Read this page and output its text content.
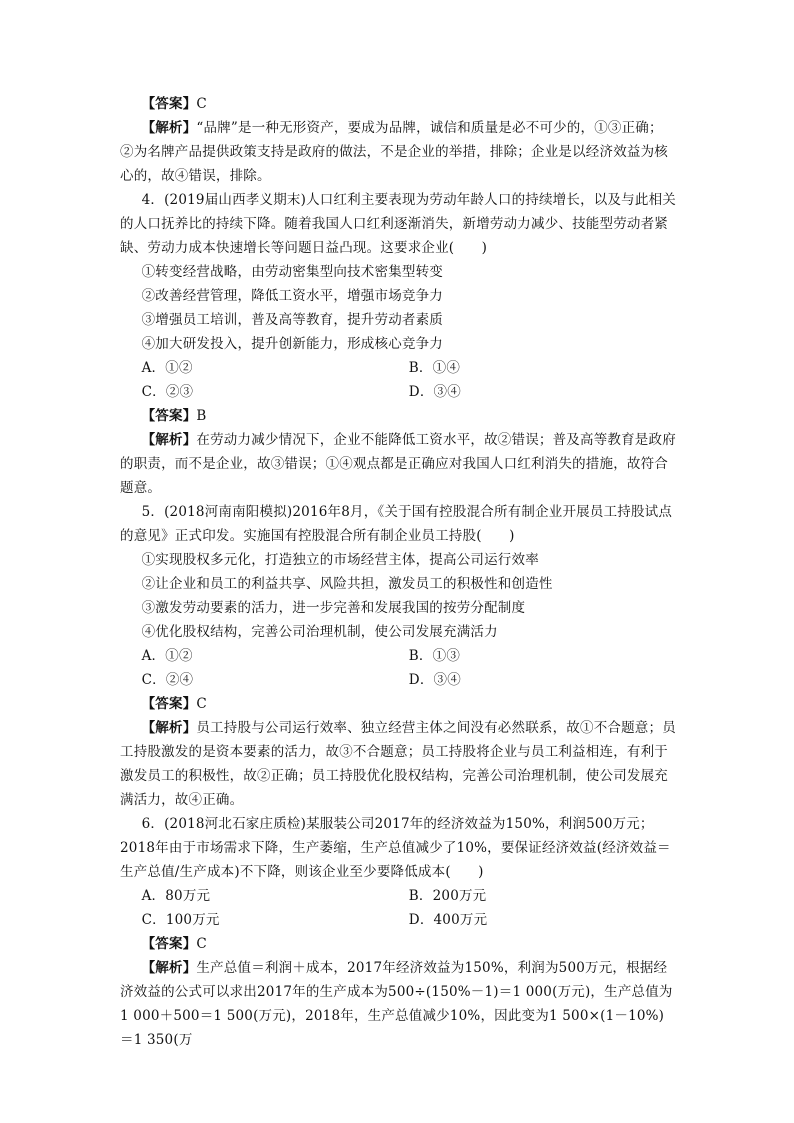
【答案】C

【解析】“品牌”是一种无形资产，要成为品牌，诚信和质量是必不可少的，①③正确；②为名牌产品提供政策支持是政府的做法，不是企业的举措，排除；企业是以经济效益为核心的，故④错误，排除。

4．(2019届山西孝义期末)人口红利主要表现为劳动年龄人口的持续增长，以及与此相关的人口抚养比的持续下降。随着我国人口红利逐渐消失，新增劳动力减少、技能型劳动者紧缺、劳动力成本快速增长等问题日益凸现。这要求企业(　　)

①转变经营战略，由劳动密集型向技术密集型转变

②改善经营管理，降低工资水平，增强市场竞争力

③增强员工培训，普及高等教育，提升劳动者素质

④加大研发投入，提升创新能力，形成核心竞争力

A．①②	B．①④
C．②③	D．③④

【答案】B

【解析】在劳动力减少情况下，企业不能降低工资水平，故②错误；普及高等教育是政府的职责，而不是企业，故③错误；①④观点都是正确应对我国人口红利消失的措施，故符合题意。

5．(2018河南南阳模拟)2016年8月，《关于国有控股混合所有制企业开展员工持股试点的意见》正式印发。实施国有控股混合所有制企业员工持股(　　)

①实现股权多元化，打造独立的市场经营主体，提高公司运行效率

②让企业和员工的利益共享、风险共担，激发员工的积极性和创造性

③激发劳动要素的活力，进一步完善和发展我国的按劳分配制度

④优化股权结构，完善公司治理机制，使公司发展充满活力

A．①②	B．①③
C．②④	D．③④

【答案】C

【解析】员工持股与公司运行效率、独立经营主体之间没有必然联系，故①不合题意；员工持股激发的是资本要素的活力，故③不合题意；员工持股将企业与员工利益相连，有利于激发员工的积极性，故②正确；员工持股优化股权结构，完善公司治理机制，使公司发展充满活力，故④正确。

6．(2018河北石家庄质检)某服装公司2017年的经济效益为150%，利润500万元；2018年由于市场需求下降，生产萎缩，生产总值减少了10%，要保证经济效益(经济效益＝生产总值/生产成本)不下降，则该企业至少要降低成本(　　)

A．80万元	B．200万元
C．100万元	D．400万元

【答案】C

【解析】生产总值＝利润＋成本，2017年经济效益为150%，利润为500万元，根据经济效益的公式可以求出2017年的生产成本为500÷(150%－1)＝1 000(万元)，生产总值为1 000＋500＝1 500(万元)，2018年，生产总值减少10%，因此变为1 500×(1－10%)＝1 350(万
